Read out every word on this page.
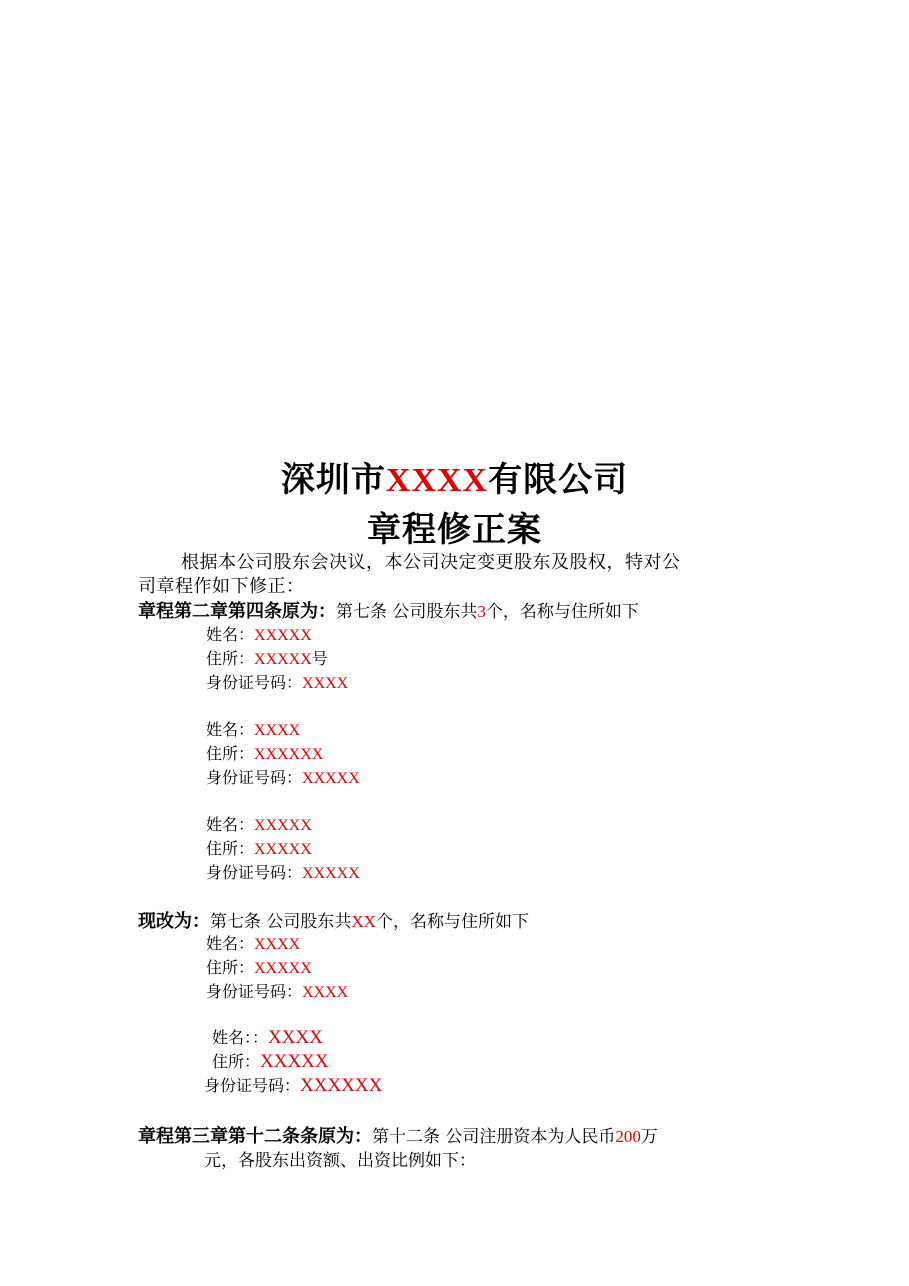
深圳市XXXX有限公司
章程修正案
根据本公司股东会决议，本公司决定变更股东及股权，特对公
司章程作如下修正：
章程第二章第四条原为：第七条 公司股东共3个，名称与住所如下
姓名：XXXXX
住所：XXXXX号
身份证号码：XXXX
姓名：XXXX
住所：XXXXXX
身份证号码：XXXXX
姓名：XXXXX
住所：XXXXX
身份证号码：XXXXX
现改为：第七条 公司股东共XX个，名称与住所如下
姓名：XXXX
住所：XXXXX
身份证号码：XXXX
姓名：：XXXX
住所：XXXXX
身份证号码：XXXXXX
章程第三章第十二条条原为：第十二条 公司注册资本为人民币200万
元，各股东出资额、出资比例如下：
